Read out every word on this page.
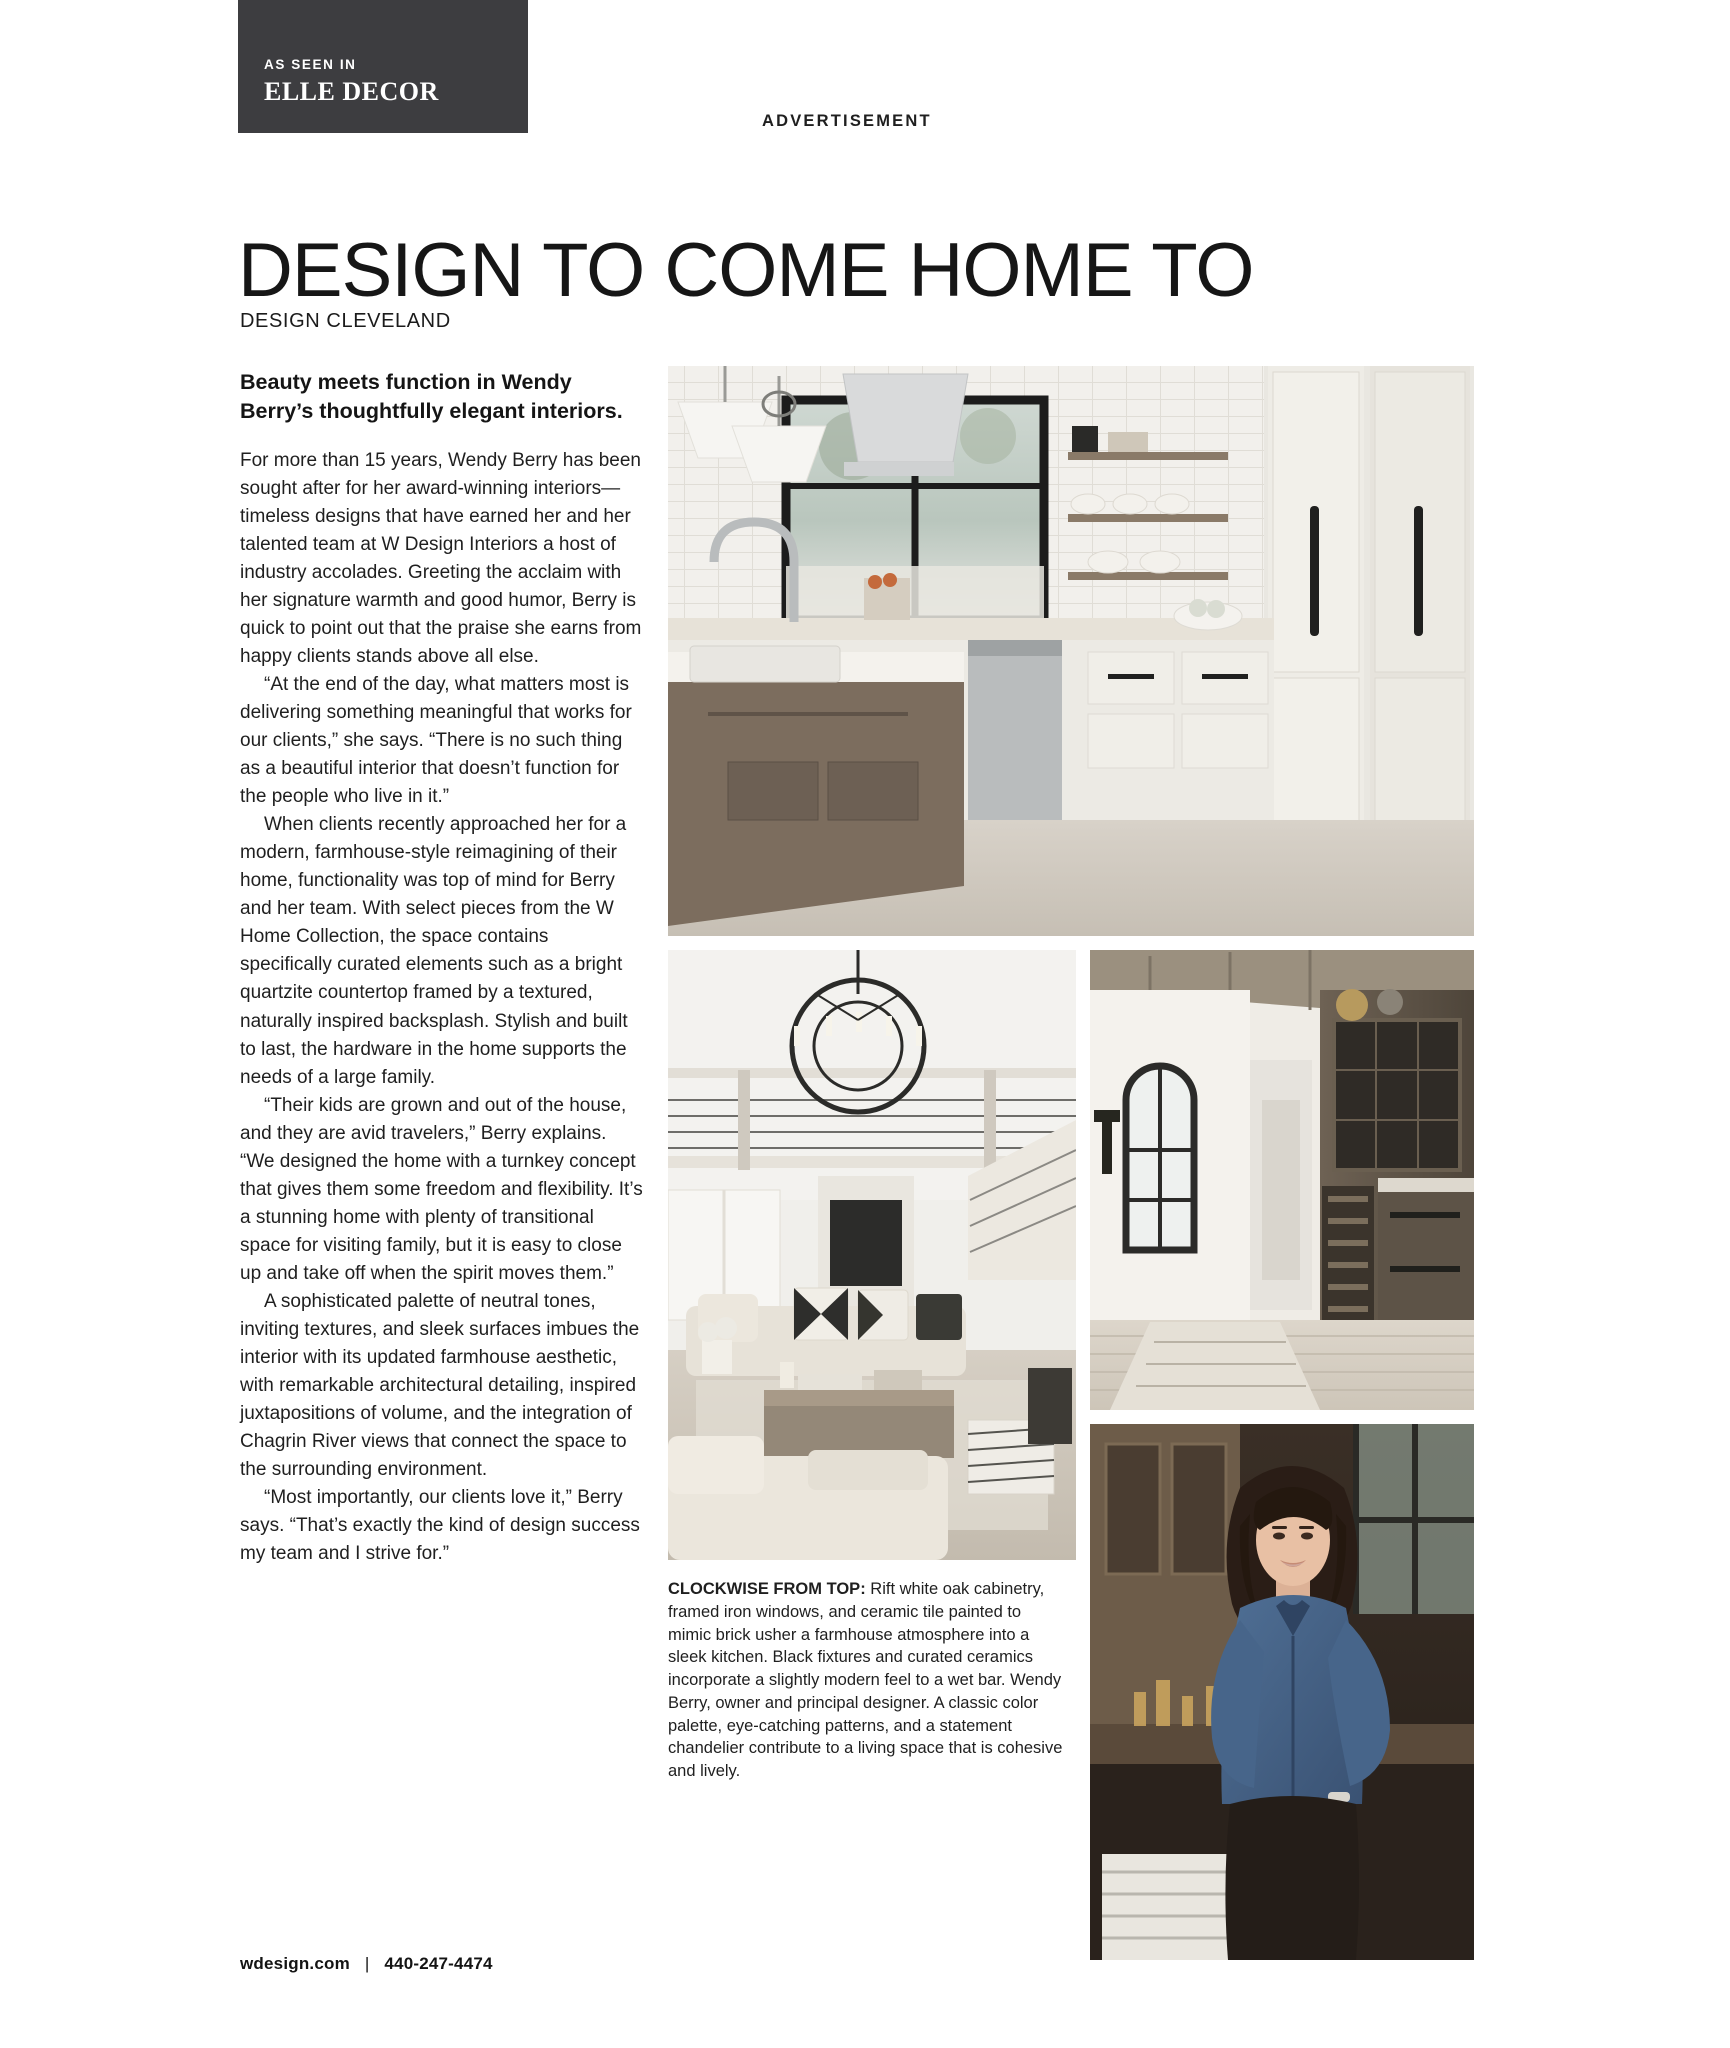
AS SEEN IN
ELLE DECOR
ADVERTISEMENT
DESIGN TO COME HOME TO
DESIGN CLEVELAND
Beauty meets function in Wendy Berry’s thoughtfully elegant interiors.

For more than 15 years, Wendy Berry has been sought after for her award-winning interiors—timeless designs that have earned her and her talented team at W Design Interiors a host of industry accolades. Greeting the acclaim with her signature warmth and good humor, Berry is quick to point out that the praise she earns from happy clients stands above all else.

“At the end of the day, what matters most is delivering something meaningful that works for our clients,” she says. “There is no such thing as a beautiful interior that doesn’t function for the people who live in it.”

When clients recently approached her for a modern, farmhouse-style reimagining of their home, functionality was top of mind for Berry and her team. With select pieces from the W Home Collection, the space contains specifically curated elements such as a bright quartzite countertop framed by a textured, naturally inspired backsplash. Stylish and built to last, the hardware in the home supports the needs of a large family.

“Their kids are grown and out of the house, and they are avid travelers,” Berry explains. “We designed the home with a turnkey concept that gives them some freedom and flexibility. It’s a stunning home with plenty of transitional space for visiting family, but it is easy to close up and take off when the spirit moves them.”

A sophisticated palette of neutral tones, inviting textures, and sleek surfaces imbues the interior with its updated farmhouse aesthetic, with remarkable architectural detailing, inspired juxtapositions of volume, and the integration of Chagrin River views that connect the space to the surrounding environment.

“Most importantly, our clients love it,” Berry says. “That’s exactly the kind of design success my team and I strive for.”

wdesign.com | 440-247-4474
CLOCKWISE FROM TOP: Rift white oak cabinetry, framed iron windows, and ceramic tile painted to mimic brick usher a farmhouse atmosphere into a sleek kitchen. Black fixtures and curated ceramics incorporate a slightly modern feel to a wet bar. Wendy Berry, owner and principal designer. A classic color palette, eye-catching patterns, and a statement chandelier contribute to a living space that is cohesive and lively.
